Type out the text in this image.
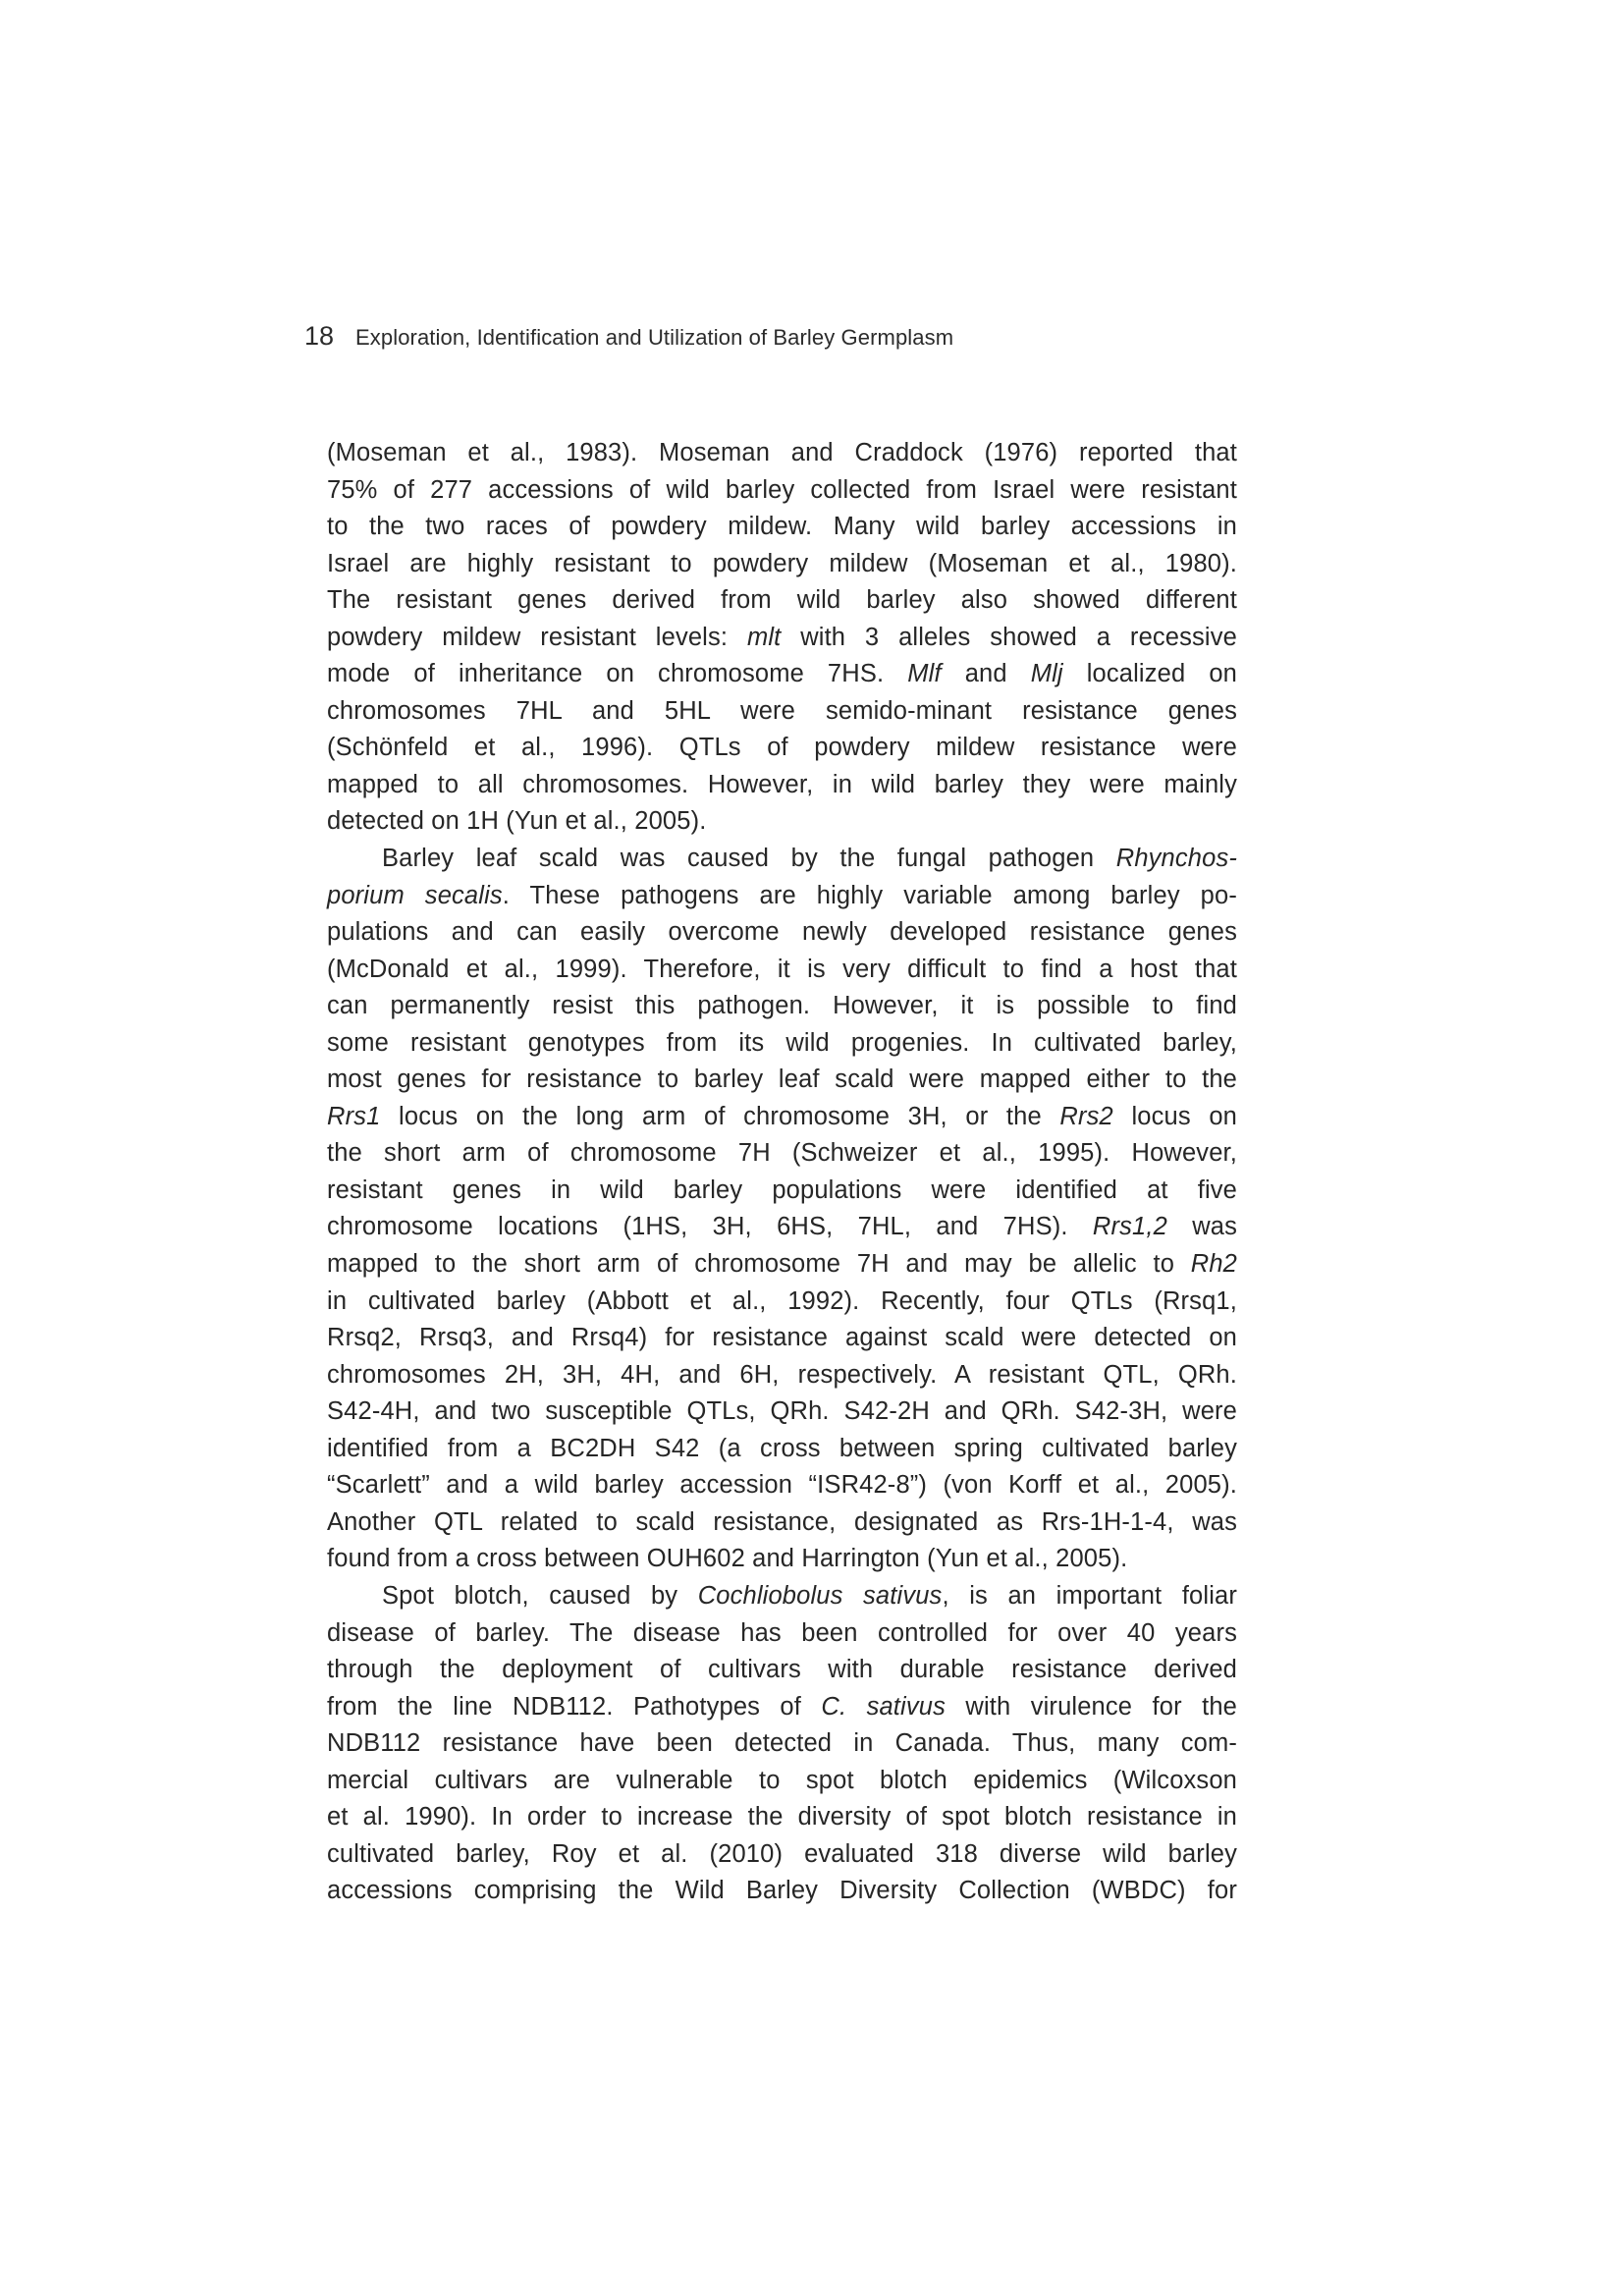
18 Exploration, Identification and Utilization of Barley Germplasm
(Moseman et al., 1983). Moseman and Craddock (1976) reported that
75% of 277 accessions of wild barley collected from Israel were resistant
to the two races of powdery mildew. Many wild barley accessions in
Israel are highly resistant to powdery mildew (Moseman et al., 1980).
The resistant genes derived from wild barley also showed different
powdery mildew resistant levels: mlt with 3 alleles showed a recessive
mode of inheritance on chromosome 7HS. Mlf and Mlj localized on
chromosomes 7HL and 5HL were semido-minant resistance genes
(Schönfeld et al., 1996). QTLs of powdery mildew resistance were
mapped to all chromosomes. However, in wild barley they were mainly
detected on 1H (Yun et al., 2005).
Barley leaf scald was caused by the fungal pathogen Rhynchos-
porium secalis. These pathogens are highly variable among barley po-
pulations and can easily overcome newly developed resistance genes
(McDonald et al., 1999). Therefore, it is very difficult to find a host that
can permanently resist this pathogen. However, it is possible to find
some resistant genotypes from its wild progenies. In cultivated barley,
most genes for resistance to barley leaf scald were mapped either to the
Rrs1 locus on the long arm of chromosome 3H, or the Rrs2 locus on
the short arm of chromosome 7H (Schweizer et al., 1995). However,
resistant genes in wild barley populations were identified at five
chromosome locations (1HS, 3H, 6HS, 7HL, and 7HS). Rrs1,2 was
mapped to the short arm of chromosome 7H and may be allelic to Rh2
in cultivated barley (Abbott et al., 1992). Recently, four QTLs (Rrsq1,
Rrsq2, Rrsq3, and Rrsq4) for resistance against scald were detected on
chromosomes 2H, 3H, 4H, and 6H, respectively. A resistant QTL, QRh.
S42-4H, and two susceptible QTLs, QRh. S42-2H and QRh. S42-3H, were
identified from a BC2DH S42 (a cross between spring cultivated barley
“Scarlett” and a wild barley accession “ISR42-8”) (von Korff et al., 2005).
Another QTL related to scald resistance, designated as Rrs-1H-1-4, was
found from a cross between OUH602 and Harrington (Yun et al., 2005).
Spot blotch, caused by Cochliobolus sativus, is an important foliar
disease of barley. The disease has been controlled for over 40 years
through the deployment of cultivars with durable resistance derived
from the line NDB112. Pathotypes of C. sativus with virulence for the
NDB112 resistance have been detected in Canada. Thus, many com-
mercial cultivars are vulnerable to spot blotch epidemics (Wilcoxson
et al. 1990). In order to increase the diversity of spot blotch resistance in
cultivated barley, Roy et al. (2010) evaluated 318 diverse wild barley
accessions comprising the Wild Barley Diversity Collection (WBDC) for
